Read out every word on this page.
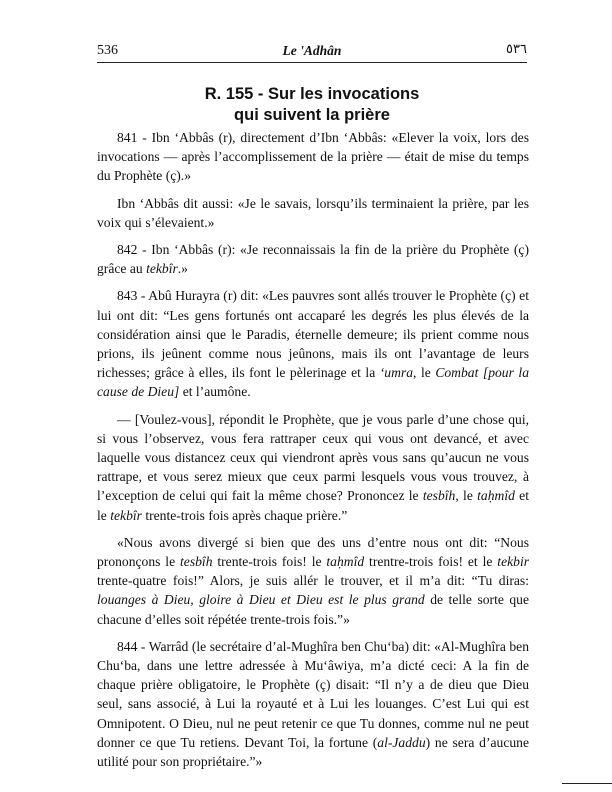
536	Le 'Adhân	٥٣٦
R. 155 - Sur les invocations
qui suivent la prière

841 - Ibn ‘Abbâs (r), directement d’Ibn ‘Abbâs: «Elever la voix, lors des invocations — après l’accomplissement de la prière — était de mise du temps du Prophète (ç).»

Ibn ‘Abbâs dit aussi: «Je le savais, lorsqu’ils terminaient la prière, par les voix qui s’élevaient.»

842 - Ibn ‘Abbâs (r): «Je reconnaissais la fin de la prière du Prophète (ç) grâce au tekbîr.»

843 - Abû Hurayra (r) dit: «Les pauvres sont allés trouver le Prophète (ç) et lui ont dit: “Les gens fortunés ont accaparé les degrés les plus élevés de la considération ainsi que le Paradis, éternelle demeure; ils prient comme nous prions, ils jeûnent comme nous jeûnons, mais ils ont l’avantage de leurs richesses; grâce à elles, ils font le pèlerinage et la ‘umra, le Combat [pour la cause de Dieu] et l’aumône.

— [Voulez-vous], répondit le Prophète, que je vous parle d’une chose qui, si vous l’observez, vous fera rattraper ceux qui vous ont devancé, et avec laquelle vous distancez ceux qui viendront après vous sans qu’aucun ne vous rattrape, et vous serez mieux que ceux parmi lesquels vous vous trouvez, à l’exception de celui qui fait la même chose? Prononcez le tesbîh, le taḥmîd et le tekbîr trente-trois fois après chaque prière.”

«Nous avons divergé si bien que des uns d’entre nous ont dit: “Nous prononçons le tesbîh trente-trois fois! le taḥmîd trentre-trois fois! et le tekbir trente-quatre fois!” Alors, je suis allér le trouver, et il m’a dit: “Tu diras: louanges à Dieu, gloire à Dieu et Dieu est le plus grand de telle sorte que chacune d’elles soit répétée trente-trois fois.”»

844 - Warrâd (le secrétaire d’al-Mughîra ben Chu‘ba) dit: «Al-Mughîra ben Chu‘ba, dans une lettre adressée à Mu‘âwiya, m’a dicté ceci: A la fin de chaque prière obligatoire, le Prophète (ç) disait: “Il n’y a de dieu que Dieu seul, sans associé, à Lui la royauté et à Lui les louanges. C’est Lui qui est Omnipotent. O Dieu, nul ne peut retenir ce que Tu donnes, comme nul ne peut donner ce que Tu retiens. Devant Toi, la fortune (al-Jaddu) ne sera d’aucune utilité pour son propriétaire.”»
